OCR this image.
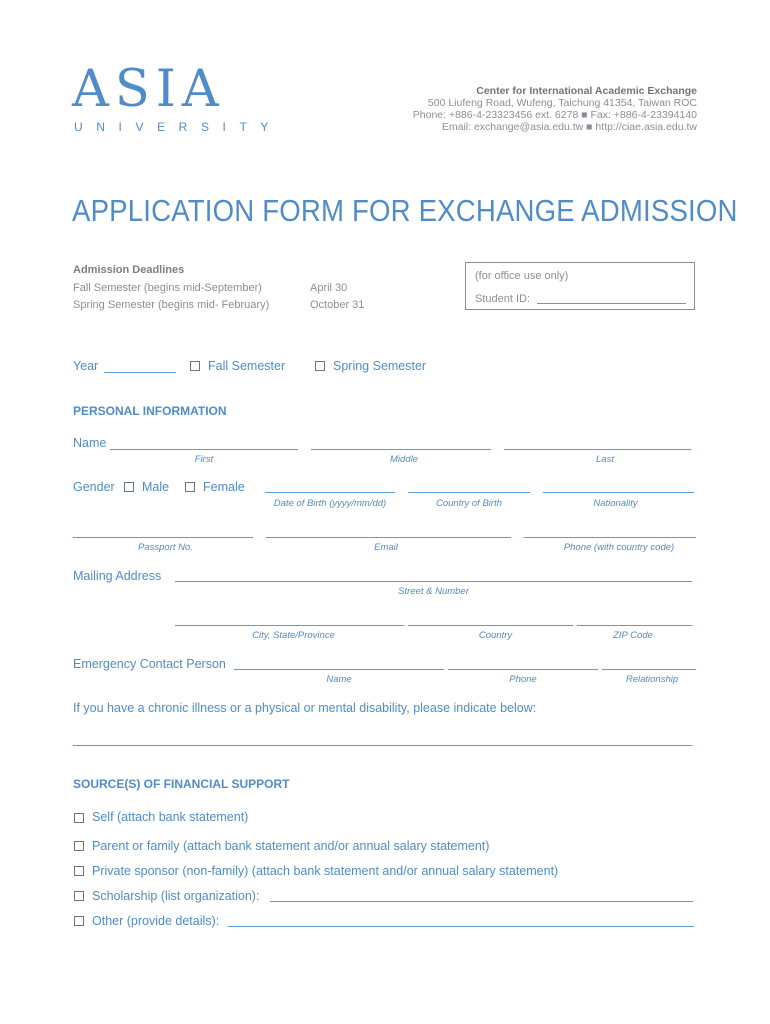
ASIA
UNIVERSITY
Center for International Academic Exchange
500 Liufeng Road, Wufeng, Taichung 41354, Taiwan ROC
Phone: +886-4-23323456 ext. 6278 ■ Fax: +886-4-23394140
Email: exchange@asia.edu.tw ■ http://ciae.asia.edu.tw
APPLICATION FORM FOR EXCHANGE ADMISSION
Admission Deadlines
Fall Semester (begins mid-September)	April 30
Spring Semester (begins mid- February)	October 31
(for office use only)
Student ID:
Year	Fall Semester	Spring Semester
PERSONAL INFORMATION
Name
First	Middle	Last
Gender Male	Female
Date of Birth (yyyy/mm/dd)	Country of Birth	Nationality
Passport No.	Email	Phone (with country code)
Mailing Address
Street & Number
City, State/Province	Country	ZIP Code
Emergency Contact Person
Name	Phone	Relationship
If you have a chronic illness or a physical or mental disability, please indicate below:
SOURCE(S) OF FINANCIAL SUPPORT
Self (attach bank statement)
Parent or family (attach bank statement and/or annual salary statement)
Private sponsor (non-family) (attach bank statement and/or annual salary statement)
Scholarship (list organization):
Other (provide details):
